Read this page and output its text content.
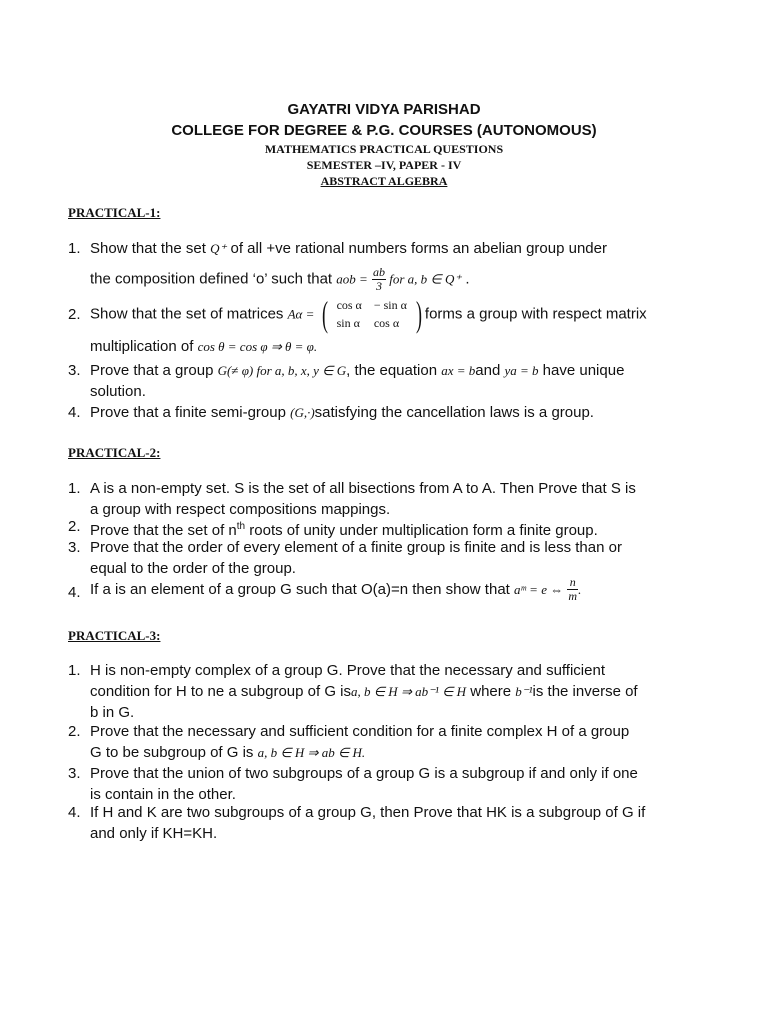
GAYATRI VIDYA PARISHAD
COLLEGE FOR DEGREE & P.G. COURSES (AUTONOMOUS)
MATHEMATICS PRACTICAL QUESTIONS
SEMESTER –IV, PAPER - IV
ABSTRACT ALGEBRA
PRACTICAL-1:
1. Show that the set Q⁺ of all +ve rational numbers forms an abelian group under
the composition defined ‘o’ such that aob = $\frac{ab}{3}$ for a, b ∈ Q⁺ .
2. Show that the set of matrices Aα = ( cos α	− sin α
sin α	cos α ) forms a group with respect matrix
multiplication of cos θ = cos φ ⇒ θ = φ.
3. Prove that a group G(≠ φ) for a, b, x, y ∈ G, the equation ax = band ya = b have unique
solution.
4. Prove that a finite semi-group (G,·)satisfying the cancellation laws is a group.
PRACTICAL-2:
1. A is a non-empty set. S is the set of all bisections from A to A. Then Prove that S is
a group with respect compositions mappings.
2. Prove that the set of $n^{th}$ roots of unity under multiplication form a finite group.
3. Prove that the order of every element of a finite group is finite and is less than or
equal to the order of the group.
4. If a is an element of a group G such that O(a)=n then show that aᵐ = e ⇔ $\frac{n}{m}$ .
PRACTICAL-3:
1. H is non-empty complex of a group G. Prove that the necessary and sufficient
condition for H to ne a subgroup of G isa, b ∈ H ⇒ ab⁻¹ ∈ H where b⁻¹is the inverse of
b in G.
2. Prove that the necessary and sufficient condition for a finite complex H of a group
G to be subgroup of G is a, b ∈ H ⇒ ab ∈ H.
3. Prove that the union of two subgroups of a group G is a subgroup if and only if one
is contain in the other.
4. If H and K are two subgroups of a group G, then Prove that HK is a subgroup of G if
and only if KH=KH.
